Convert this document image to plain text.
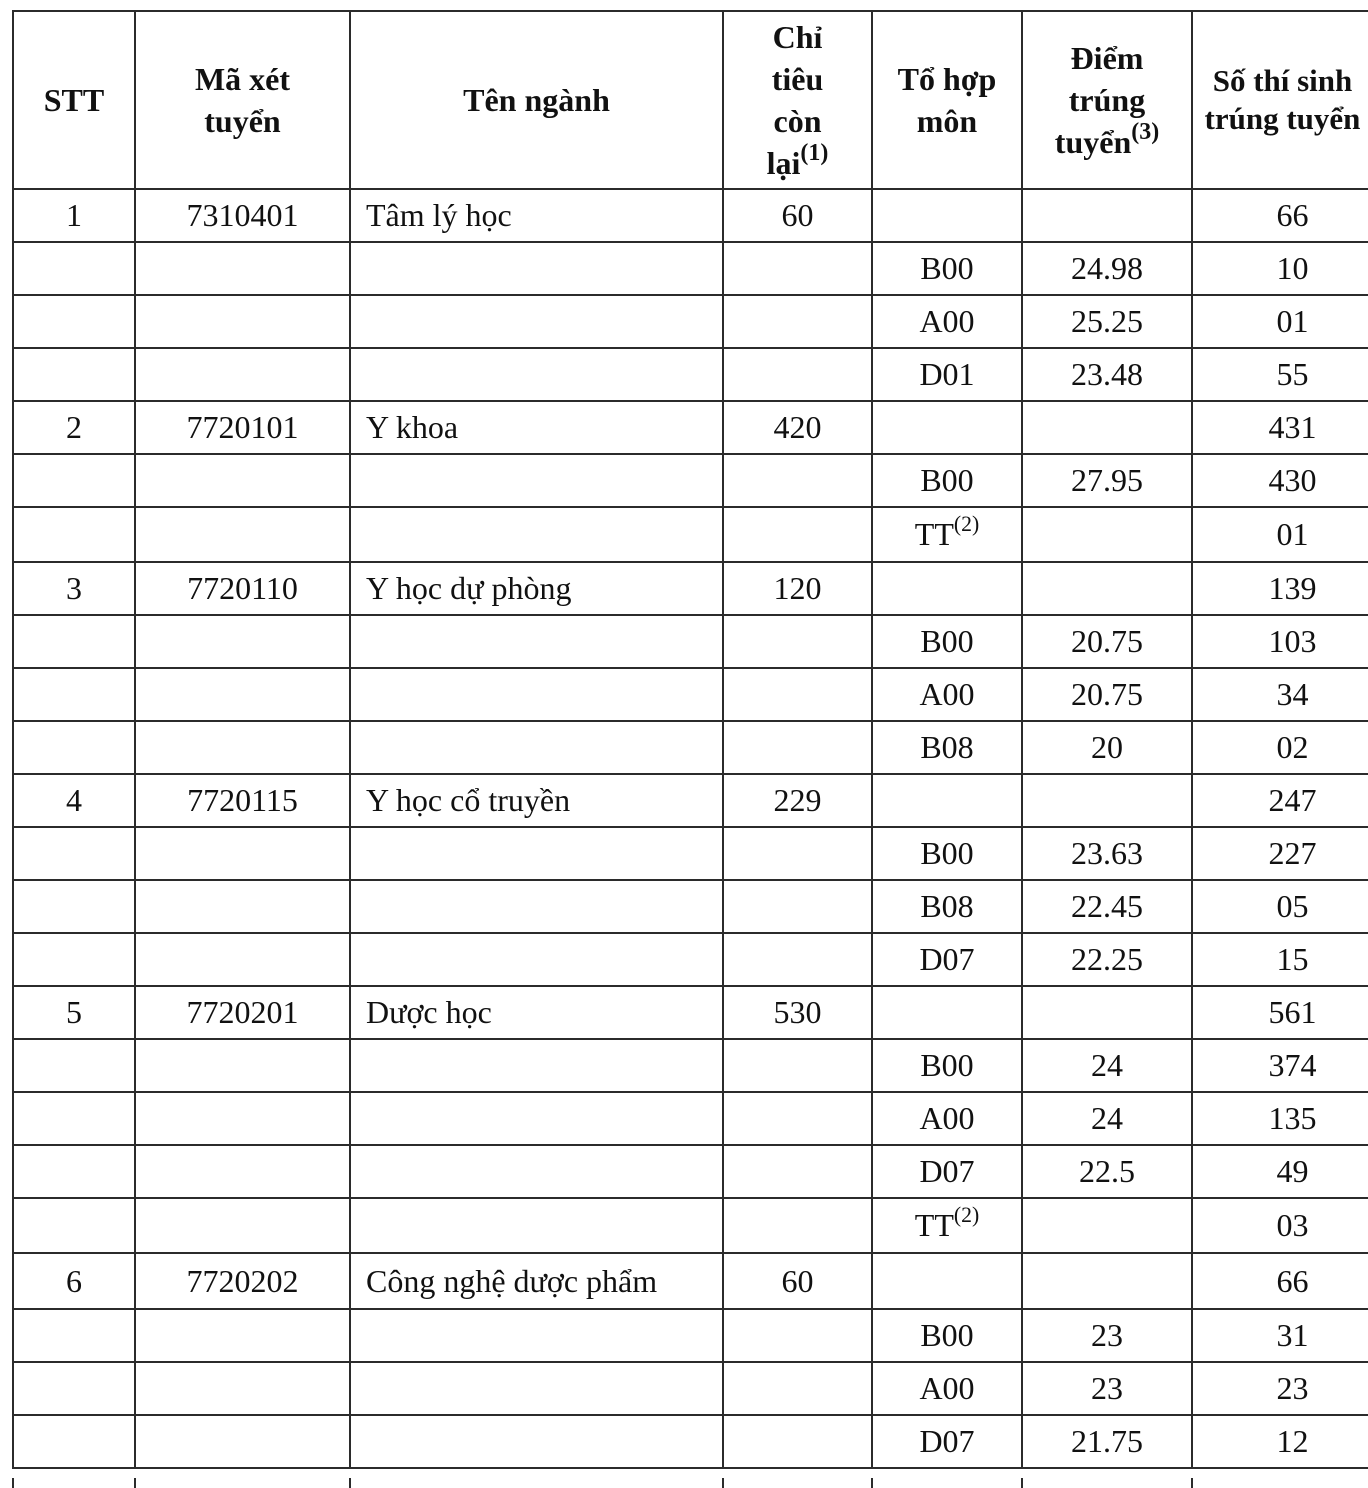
STT	Mã xét tuyển	Tên ngành	Chỉ tiêu còn lại$^{(1)}$	Tổ hợp môn	Điểm trúng tuyển$^{(3)}$	Số thí sinh trúng tuyển
1	7310401	Tâm lý học	60			66
				B00	24.98	10
				A00	25.25	01
				D01	23.48	55
2	7720101	Y khoa	420			431
				B00	27.95	430
				TT$^{(2)}$		01
3	7720110	Y học dự phòng	120			139
				B00	20.75	103
				A00	20.75	34
				B08	20	02
4	7720115	Y học cổ truyền	229			247
				B00	23.63	227
				B08	22.45	05
				D07	22.25	15
5	7720201	Dược học	530			561
				B00	24	374
				A00	24	135
				D07	22.5	49
				TT$^{(2)}$		03
6	7720202	Công nghệ dược phẩm	60			66
				B00	23	31
				A00	23	23
				D07	21.75	12
